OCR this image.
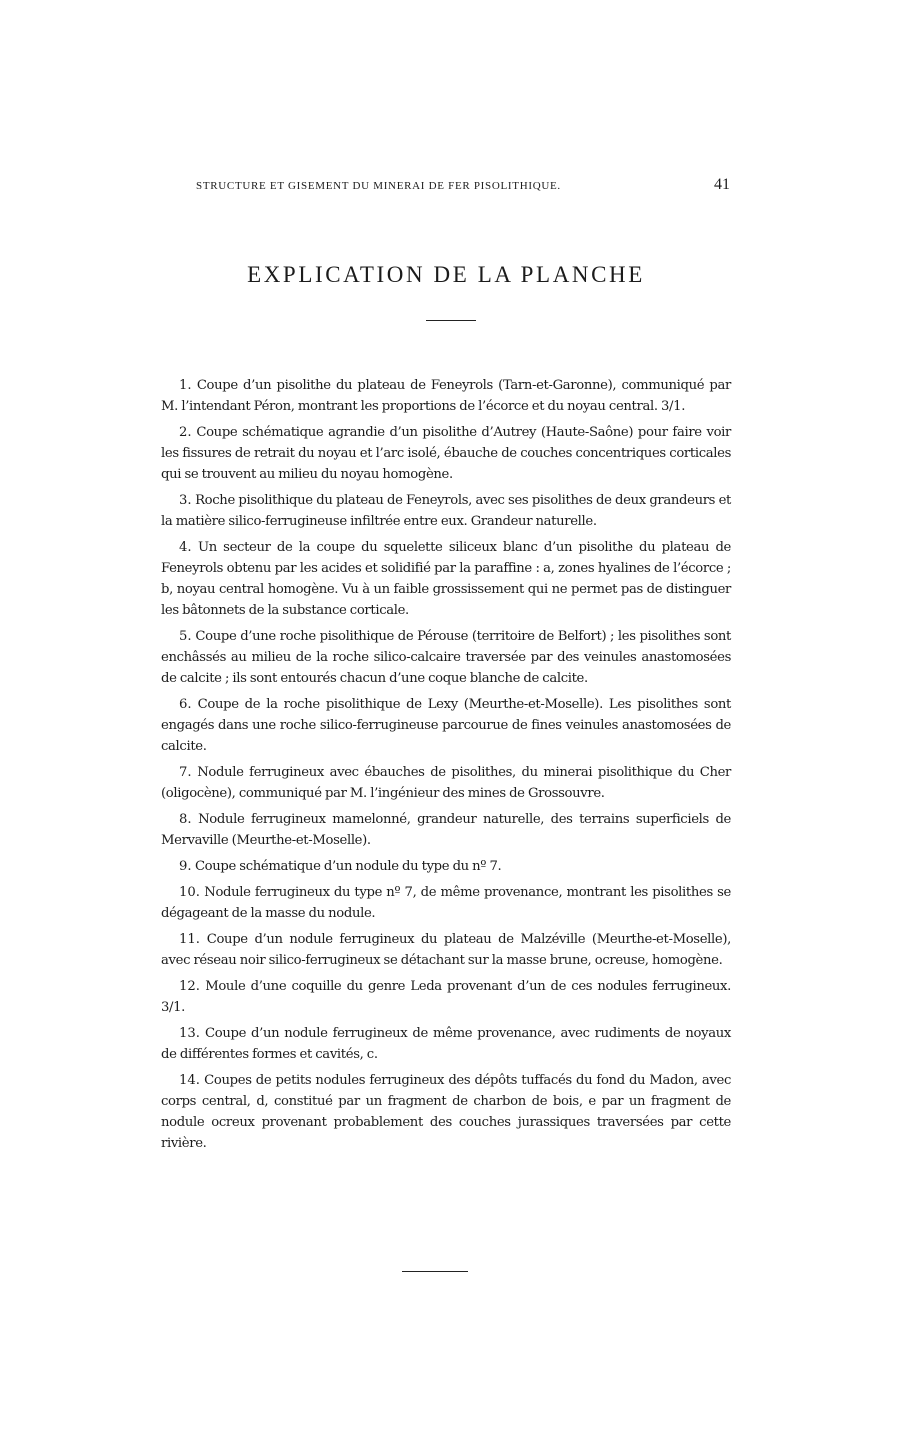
STRUCTURE ET GISEMENT DU MINERAI DE FER PISOLITHIQUE.	41
EXPLICATION DE LA PLANCHE

1. Coupe d’un pisolithe du plateau de Feneyrols (Tarn-et-Garonne), communiqué par M. l’intendant Péron, montrant les proportions de l’écorce et du noyau central. 3/1.

2. Coupe schématique agrandie d’un pisolithe d’Autrey (Haute-Saône) pour faire voir les fissures de retrait du noyau et l’arc isolé, ébauche de couches concentriques corticales qui se trouvent au milieu du noyau homogène.

3. Roche pisolithique du plateau de Feneyrols, avec ses pisolithes de deux grandeurs et la matière silico-ferrugineuse infiltrée entre eux. Grandeur naturelle.

4. Un secteur de la coupe du squelette siliceux blanc d’un pisolithe du plateau de Feneyrols obtenu par les acides et solidifié par la paraffine : a, zones hyalines de l’écorce ; b, noyau central homogène. Vu à un faible grossissement qui ne permet pas de distinguer les bâtonnets de la substance corticale.

5. Coupe d’une roche pisolithique de Pérouse (territoire de Belfort) ; les pisolithes sont enchâssés au milieu de la roche silico-calcaire traversée par des veinules anastomosées de calcite ; ils sont entourés chacun d’une coque blanche de calcite.

6. Coupe de la roche pisolithique de Lexy (Meurthe-et-Moselle). Les pisolithes sont engagés dans une roche silico-ferrugineuse parcourue de fines veinules anastomosées de calcite.

7. Nodule ferrugineux avec ébauches de pisolithes, du minerai pisolithique du Cher (oligocène), communiqué par M. l’ingénieur des mines de Grossouvre.

8. Nodule ferrugineux mamelonné, grandeur naturelle, des terrains superficiels de Mervaville (Meurthe-et-Moselle).

9. Coupe schématique d’un nodule du type du nº 7.

10. Nodule ferrugineux du type nº 7, de même provenance, montrant les pisolithes se dégageant de la masse du nodule.

11. Coupe d’un nodule ferrugineux du plateau de Malzéville (Meurthe-et-Moselle), avec réseau noir silico-ferrugineux se détachant sur la masse brune, ocreuse, homogène.

12. Moule d’une coquille du genre Leda provenant d’un de ces nodules ferrugineux. 3/1.

13. Coupe d’un nodule ferrugineux de même provenance, avec rudiments de noyaux de différentes formes et cavités, c.

14. Coupes de petits nodules ferrugineux des dépôts tuffacés du fond du Madon, avec corps central, d, constitué par un fragment de charbon de bois, e par un fragment de nodule ocreux provenant probablement des couches jurassiques traversées par cette rivière.
